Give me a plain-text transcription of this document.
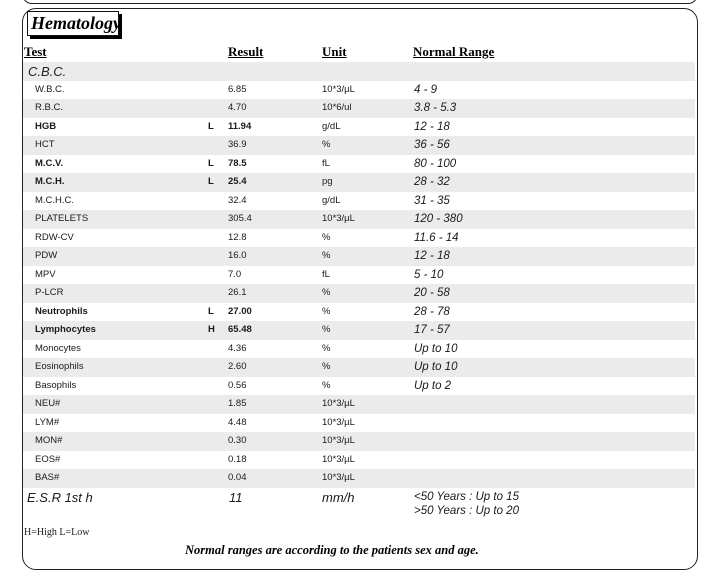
Hematology
Test	Result	Unit	Normal Range
C.B.C.
W.B.C.	6.85	10*3/µL	4 - 9
R.B.C.	4.70	10*6/ul	3.8 - 5.3
HGB	L 11.94	g/dL	12 - 18
HCT	36.9	%	36 - 56
M.C.V.	L 78.5	fL	80 - 100
M.C.H.	L 25.4	pg	28 - 32
M.C.H.C.	32.4	g/dL	31 - 35
PLATELETS	305.4	10*3/µL	120 - 380
RDW-CV	12.8	%	11.6 - 14
PDW	16.0	%	12 - 18
MPV	7.0	fL	5 - 10
P-LCR	26.1	%	20 - 58
Neutrophils	L 27.00	%	28 - 78
Lymphocytes	H 65.48	%	17 - 57
Monocytes	4.36	%	Up to 10
Eosinophils	2.60	%	Up to 10
Basophils	0.56	%	Up to 2
NEU#	1.85	10*3/µL
LYM#	4.48	10*3/µL
MON#	0.30	10*3/µL
EOS#	0.18	10*3/µL
BAS#	0.04	10*3/µL
E.S.R 1st h	11	mm/h	<50 Years : Up to 15
>50 Years : Up to 20
H=High L=Low
Normal ranges are according to the patients sex and age.
